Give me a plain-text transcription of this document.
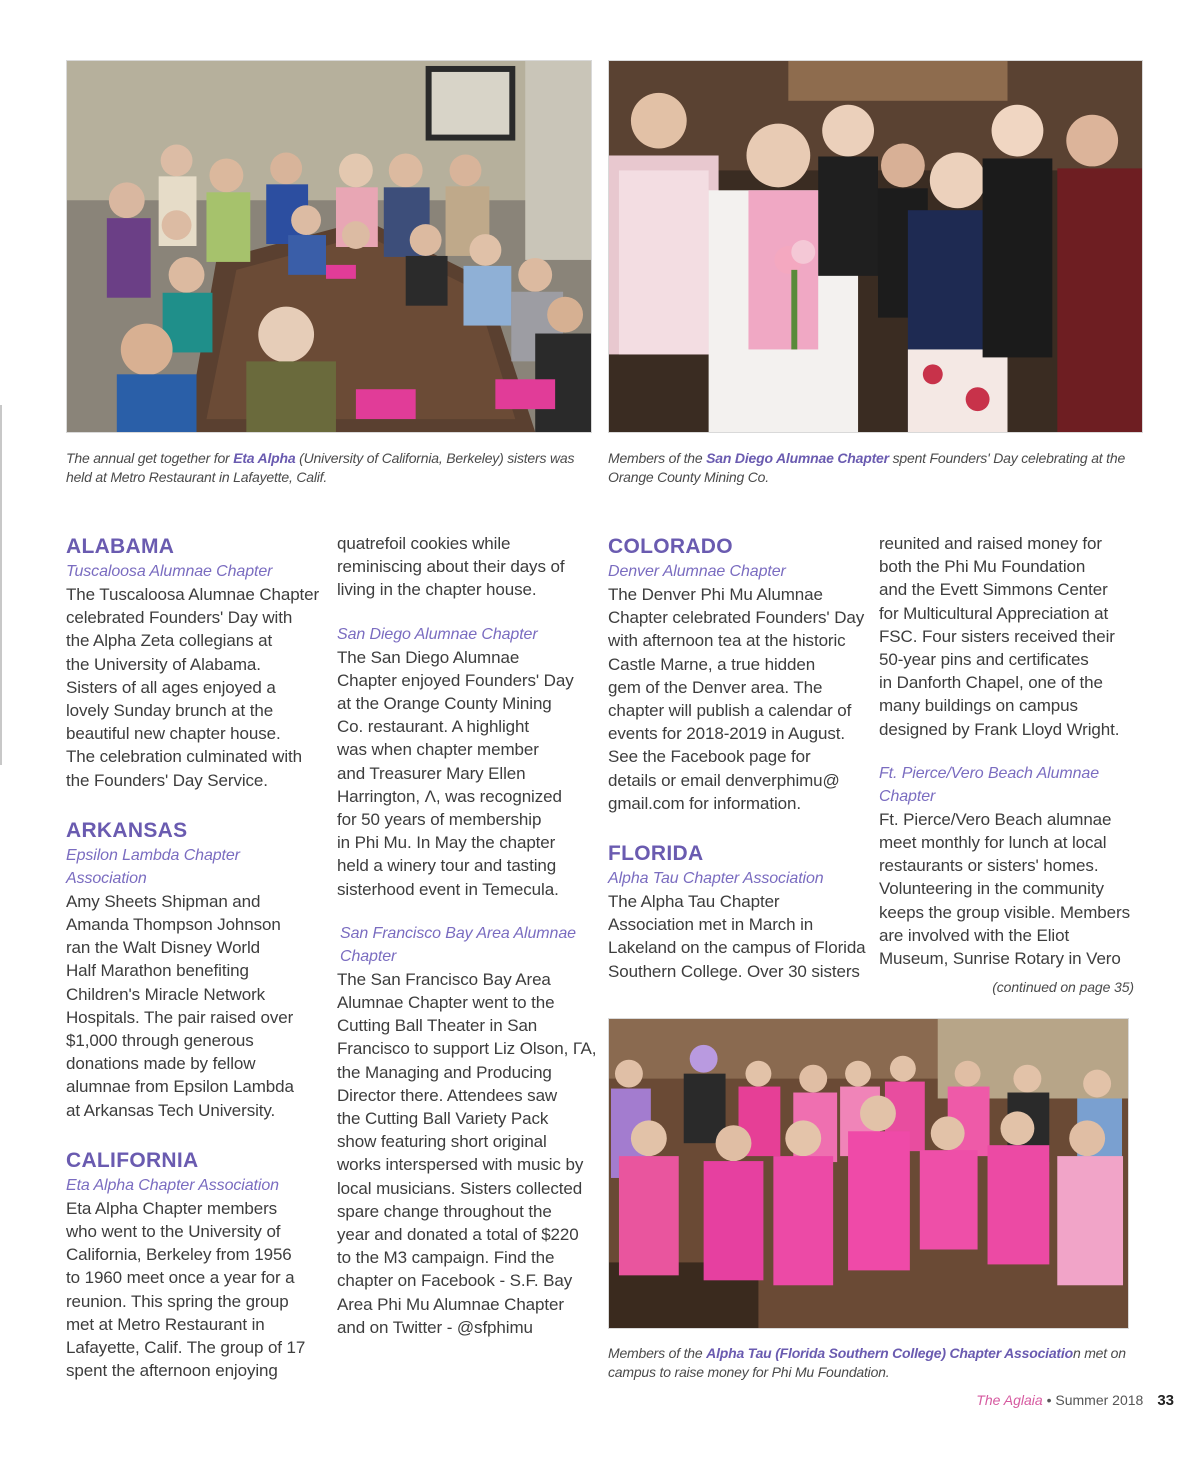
The annual get together for Eta Alpha (University of California, Berkeley) sisters was held at Metro Restaurant in Lafayette, Calif.
Members of the San Diego Alumnae Chapter spent Founders' Day celebrating at the Orange County Mining Co.
ALABAMA
Tuscaloosa Alumnae Chapter

The Tuscaloosa Alumnae Chapter
celebrated Founders' Day with
the Alpha Zeta collegians at
the University of Alabama.
Sisters of all ages enjoyed a
lovely Sunday brunch at the
beautiful new chapter house.
The celebration culminated with
the Founders' Day Service.

ARKANSAS
Epsilon Lambda Chapter
Association

Amy Sheets Shipman and
Amanda Thompson Johnson
ran the Walt Disney World
Half Marathon benefiting
Children's Miracle Network
Hospitals. The pair raised over
$1,000 through generous
donations made by fellow
alumnae from Epsilon Lambda
at Arkansas Tech University.

CALIFORNIA
Eta Alpha Chapter Association

Eta Alpha Chapter members
who went to the University of
California, Berkeley from 1956
to 1960 meet once a year for a
reunion. This spring the group
met at Metro Restaurant in
Lafayette, Calif. The group of 17
spent the afternoon enjoying

quatrefoil cookies while
reminiscing about their days of
living in the chapter house.

San Diego Alumnae Chapter

The San Diego Alumnae
Chapter enjoyed Founders' Day
at the Orange County Mining
Co. restaurant. A highlight
was when chapter member
and Treasurer Mary Ellen
Harrington, Λ, was recognized
for 50 years of membership
in Phi Mu. In May the chapter
held a winery tour and tasting
sisterhood event in Temecula.

San Francisco Bay Area Alumnae
Chapter

The San Francisco Bay Area
Alumnae Chapter went to the
Cutting Ball Theater in San
Francisco to support Liz Olson, ΓΑ,
the Managing and Producing
Director there. Attendees saw
the Cutting Ball Variety Pack
show featuring short original
works interspersed with music by
local musicians. Sisters collected
spare change throughout the
year and donated a total of $220
to the M3 campaign. Find the
chapter on Facebook - S.F. Bay
Area Phi Mu Alumnae Chapter
and on Twitter - @sfphimu

COLORADO
Denver Alumnae Chapter

The Denver Phi Mu Alumnae
Chapter celebrated Founders' Day
with afternoon tea at the historic
Castle Marne, a true hidden
gem of the Denver area. The
chapter will publish a calendar of
events for 2018-2019 in August.
See the Facebook page for
details or email denverphimu@
gmail.com for information.

FLORIDA
Alpha Tau Chapter Association

The Alpha Tau Chapter
Association met in March in
Lakeland on the campus of Florida
Southern College. Over 30 sisters

reunited and raised money for
both the Phi Mu Foundation
and the Evett Simmons Center
for Multicultural Appreciation at
FSC. Four sisters received their
50-year pins and certificates
in Danforth Chapel, one of the
many buildings on campus
designed by Frank Lloyd Wright.

Ft. Pierce/Vero Beach Alumnae
Chapter

Ft. Pierce/Vero Beach alumnae
meet monthly for lunch at local
restaurants or sisters' homes.
Volunteering in the community
keeps the group visible. Members
are involved with the Eliot
Museum, Sunrise Rotary in Vero

(continued on page 35)
Members of the Alpha Tau (Florida Southern College) Chapter Association met on campus to raise money for Phi Mu Foundation.
The Aglaia • Summer 2018 33
